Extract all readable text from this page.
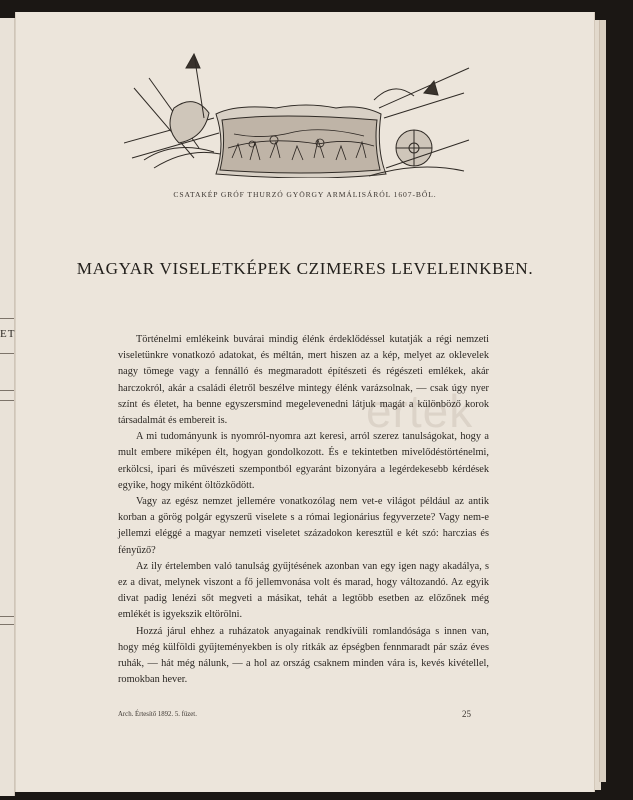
ET
CSATAKÉP GRÓF THURZÓ GYÖRGY ARMÁLISÁRÓL 1607-BŐL.
MAGYAR VISELETKÉPEK CZIMERES LEVELEINKBEN.
ertek

Történelmi emlékeink buvárai mindig élénk érdeklődéssel kutatják a régi nemzeti viseletünkre vonatkozó adatokat, és méltán, mert hiszen az a kép, melyet az oklevelek nagy tömege vagy a fennálló és megmaradott építészeti és régészeti emlékek, akár harczokról, akár a családi életről beszélve mintegy élénk varázsolnak, — csak úgy nyer színt és életet, ha benne egyszersmind megelevenedni látjuk magát a különböző korok társadalmát és embereit is.

A mi tudományunk is nyomról-nyomra azt keresi, arról szerez tanulságokat, hogy a mult embere miképen élt, hogyan gondolkozott. És e tekintetben mivelődéstörténelmi, erkölcsi, ipari és művészeti szempontból egyaránt bizonyára a legérdekesebb kérdések egyike, hogy miként öltözködött.

Vagy az egész nemzet jellemére vonatkozólag nem vet-e világot például az antik korban a görög polgár egyszerű viselete s a római legionárius fegyverzete? Vagy nem-e jellemzi eléggé a magyar nemzeti viseletet századokon keresztül e két szó: harczias és fényűző?

Az ily értelemben való tanulság gyűjtésének azonban van egy igen nagy akadálya, s ez a divat, melynek viszont a fő jellemvonása volt és marad, hogy változandó. Az egyik divat padig lenézi sőt megveti a másikat, tehát a legtöbb esetben az előzőnek még emlékét is igyekszik eltörölni.

Hozzá járul ehhez a ruházatok anyagainak rendkívüli romlandósága s innen van, hogy még külföldi gyűjteményekben is oly ritkák az épségben fennmaradt pár száz éves ruhák, — hát még nálunk, — a hol az ország csaknem minden vára is, kevés kivétellel, romokban hever.

Arch. Értesítő 1892. 5. füzet.	25
